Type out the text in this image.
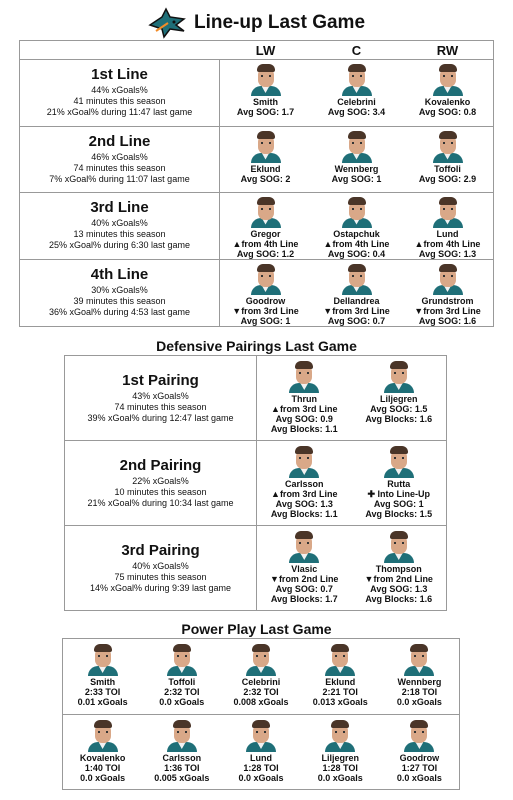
Line-up Last Game
LW	C	RW
1st Line
44% xGoals%
41 minutes this season
21% xGoal% during 11:47 last game
Smith
Avg SOG: 1.7
Celebrini
Avg SOG: 3.4
Kovalenko
Avg SOG: 0.8
2nd Line
46% xGoals%
74 minutes this season
7% xGoal% during 11:07 last game
Eklund
Avg SOG: 2
Wennberg
Avg SOG: 1
Toffoli
Avg SOG: 2.9
3rd Line
40% xGoals%
13 minutes this season
25% xGoal% during 6:30 last game
Gregor
▲from 4th Line
Avg SOG: 1.2
Ostapchuk
▲from 4th Line
Avg SOG: 0.4
Lund
▲from 4th Line
Avg SOG: 1.3
4th Line
30% xGoals%
39 minutes this season
36% xGoal% during 4:53 last game
Goodrow
▼from 3rd Line
Avg SOG: 1
Dellandrea
▼from 3rd Line
Avg SOG: 0.7
Grundstrom
▼from 3rd Line
Avg SOG: 1.6
Defensive Pairings Last Game
1st Pairing
43% xGoals%
74 minutes this season
39% xGoal% during 12:47 last game
Thrun
▲from 3rd Line
Avg SOG: 0.9
Avg Blocks: 1.1
Liljegren
Avg SOG: 1.5
Avg Blocks: 1.6
2nd Pairing
22% xGoals%
10 minutes this season
21% xGoal% during 10:34 last game
Carlsson
▲from 3rd Line
Avg SOG: 1.3
Avg Blocks: 1.1
Rutta
✚ Into Line-Up
Avg SOG: 1
Avg Blocks: 1.5
3rd Pairing
40% xGoals%
75 minutes this season
14% xGoal% during 9:39 last game
Vlasic
▼from 2nd Line
Avg SOG: 0.7
Avg Blocks: 1.7
Thompson
▼from 2nd Line
Avg SOG: 1.3
Avg Blocks: 1.6
Power Play Last Game
Smith
2:33 TOI
0.01 xGoals
Toffoli
2:32 TOI
0.0 xGoals
Celebrini
2:32 TOI
0.008 xGoals
Eklund
2:21 TOI
0.013 xGoals
Wennberg
2:18 TOI
0.0 xGoals
Kovalenko
1:40 TOI
0.0 xGoals
Carlsson
1:36 TOI
0.005 xGoals
Lund
1:28 TOI
0.0 xGoals
Liljegren
1:28 TOI
0.0 xGoals
Goodrow
1:27 TOI
0.0 xGoals
